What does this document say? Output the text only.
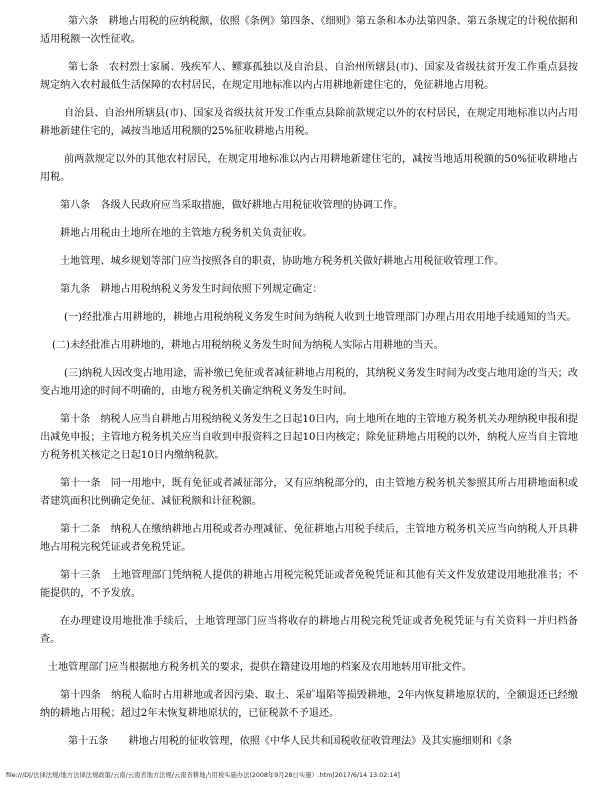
第六条　耕地占用税的应纳税额，依照《条例》第四条、《细则》第五条和本办法第四条、第五条规定的计税依据和适用税额一次性征收。

第七条　农村烈士家属、残疾军人、鳏寡孤独以及自治县、自治州所辖县(市)、国家及省级扶贫开发工作重点县按规定纳入农村最低生活保障的农村居民，在规定用地标准以内占用耕地新建住宅的，免征耕地占用税。

自治县、自治州所辖县(市)、国家及省级扶贫开发工作重点县除前款规定以外的农村居民，在规定用地标准以内占用耕地新建住宅的，减按当地适用税额的25%征收耕地占用税。

前两款规定以外的其他农村居民，在规定用地标准以内占用耕地新建住宅的，减按当地适用税额的50%征收耕地占用税。

第八条　各级人民政府应当采取措施，做好耕地占用税征收管理的协调工作。

耕地占用税由土地所在地的主管地方税务机关负责征收。

土地管理、城乡规划等部门应当按照各自的职责，协助地方税务机关做好耕地占用税征收管理工作。

第九条　耕地占用税纳税义务发生时间依照下列规定确定：

(一)经批准占用耕地的，耕地占用税纳税义务发生时间为纳税人收到土地管理部门办理占用农用地手续通知的当天。

(二)未经批准占用耕地的，耕地占用税纳税义务发生时间为纳税人实际占用耕地的当天。

(三)纳税人因改变占地用途，需补缴已免征或者减征耕地占用税的，其纳税义务发生时间为改变占地用途的当天；改变占地用途的时间不明确的，由地方税务机关确定纳税义务发生时间。

第十条　纳税人应当自耕地占用税纳税义务发生之日起10日内，向土地所在地的主管地方税务机关办理纳税申报和提出减免申报；主管地方税务机关应当自收到申报资料之日起10日内核定；除免征耕地占用税的以外，纳税人应当自主管地方税务机关核定之日起10日内缴纳税款。

第十一条　同一用地中，既有免征或者减征部分，又有应纳税部分的，由主管地方税务机关参照其所占用耕地面积或者建筑面积比例确定免征、减征税额和计征税额。

第十二条　纳税人在缴纳耕地占用税或者办理减征、免征耕地占用税手续后，主管地方税务机关应当向纳税人开具耕地占用税完税凭证或者免税凭证。

第十三条　土地管理部门凭纳税人提供的耕地占用税完税凭证或者免税凭证和其他有关文件发放建设用地批准书；不能提供的，不予发放。

在办理建设用地批准手续后，土地管理部门应当将收存的耕地占用税完税凭证或者免税凭证与有关资料一并归档备查。

土地管理部门应当根据地方税务机关的要求，提供在籍建设用地的档案及农用地转用审批文件。

第十四条　纳税人临时占用耕地或者因污染、取土、采矿塌陷等损毁耕地，2年内恢复耕地原状的，全额退还已经缴纳的耕地占用税；超过2年未恢复耕地原状的，已征税款不予退还。

第十五条　　耕地占用税的征收管理，依照《中华人民共和国税收征收管理法》及其实施细则和《条

file:///D|/法律法规/地方法律法规政策/云南/云南省地方法规/云南省耕地占用税实施办法(2008年9月28日实施）.htm[2017/6/14 13:02:14]
